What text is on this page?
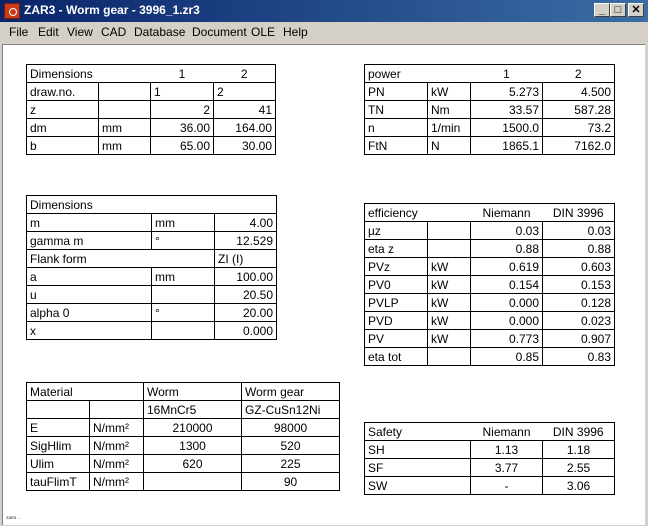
ZAR3 - Worm gear - 3996_1.zr3	_ □ ✕
File Edit View CAD Database Document OLE Help
Dimensions		1	2
draw.no.		1	2
z		2	41
dm	mm	36.00	164.00
b	mm	65.00	30.00
power		1	2
PN	kW	5.273	4.500
TN	Nm	33.57	587.28
n	1/min	1500.0	73.2
FtN	N	1865.1	7162.0
Dimensions		
m	mm	4.00
gamma m	°	12.529
Flank form		ZI (I)
a	mm	100.00
u		20.50
alpha 0	°	20.00
x		0.000
efficiency		Niemann	DIN 3996
µz		0.03	0.03
eta z		0.88	0.88
PVz	kW	0.619	0.603
PV0	kW	0.154	0.153
PVLP	kW	0.000	0.128
PVD	kW	0.000	0.023
PV	kW	0.773	0.907
eta tot		0.85	0.83
Material		Worm	Worm gear
		16MnCr5	GZ-CuSn12Ni
E	N/mm²	210000	98000
SigHlim	N/mm²	1300	520
Ulim	N/mm²	620	225
tauFlimT	N/mm²		90
Safety		Niemann	DIN 3996
SH		1.13	1.18
SF		3.77	2.55
SW		-	3.06
ZAR3 ...
